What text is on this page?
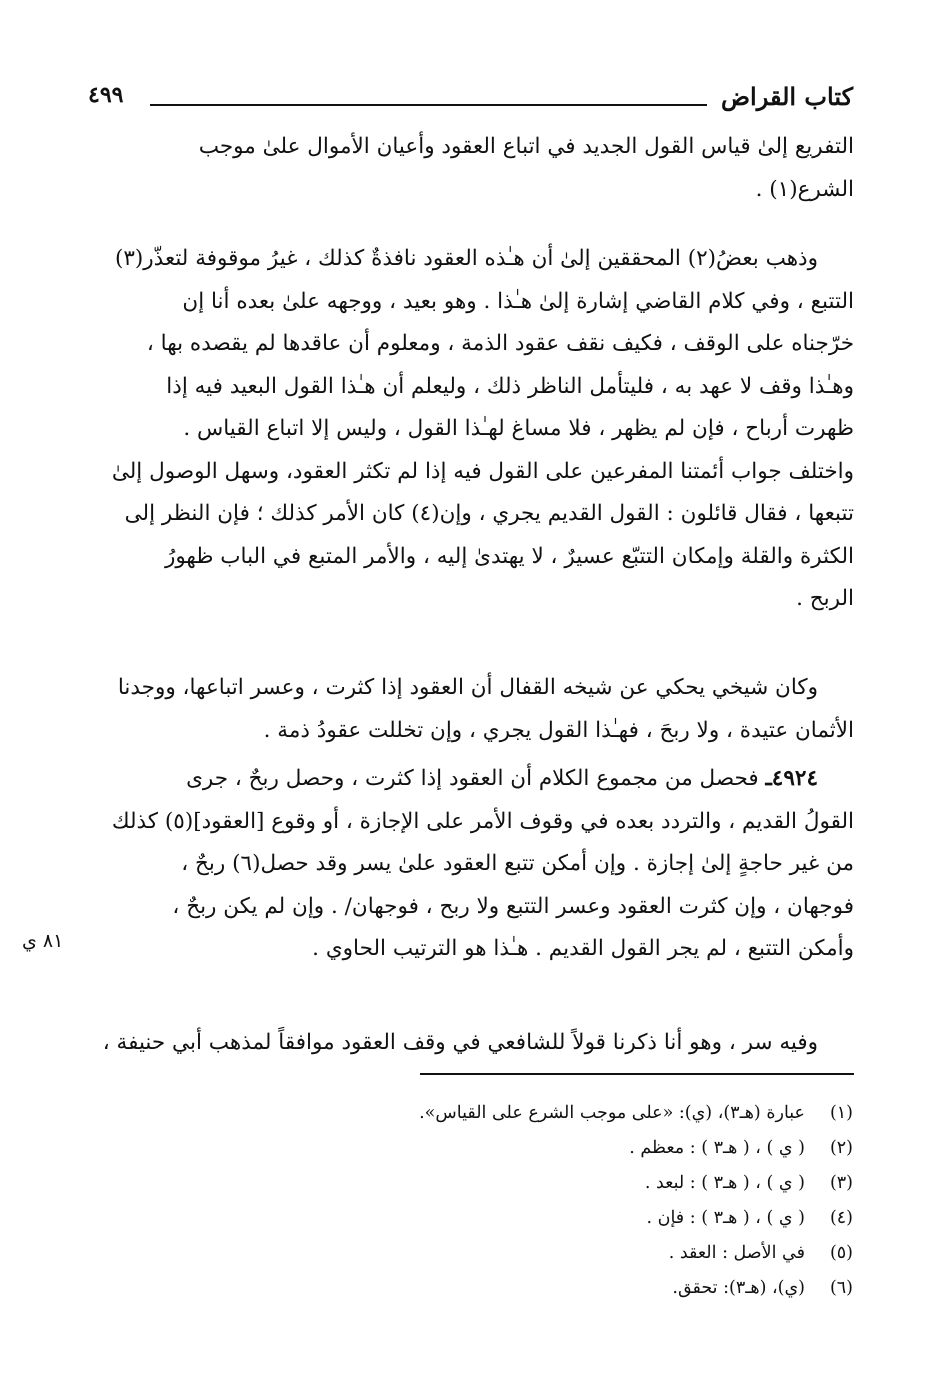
كتاب القراض
٤٩٩
التفريع إلىٰ قياس القول الجديد في اتباع العقود وأعيان الأموال علىٰ موجب
الشرع(١) .
وذهب بعضُ(٢) المحققين إلىٰ أن هـٰذه العقود نافذةٌ كذلك ، غيرُ موقوفة لتعذّر(٣)
التتبع ، وفي كلام القاضي إشارة إلىٰ هـٰذا . وهو بعيد ، ووجهه علىٰ بعده أنا إن
خرّجناه على الوقف ، فكيف نقف عقود الذمة ، ومعلوم أن عاقدها لم يقصده بها ،
وهـٰذا وقف لا عهد به ، فليتأمل الناظر ذلك ، وليعلم أن هـٰذا القول البعيد فيه إذا
ظهرت أرباح ، فإن لم يظهر ، فلا مساغ لهـٰذا القول ، وليس إلا اتباع القياس .
واختلف جواب أئمتنا المفرعين على القول فيه إذا لم تكثر العقود، وسهل الوصول إلىٰ
تتبعها ، فقال قائلون : القول القديم يجري ، وإن(٤) كان الأمر كذلك ؛ فإن النظر إلى
الكثرة والقلة وإمكان التتبّع عسيرٌ ، لا يهتدىٰ إليه ، والأمر المتبع في الباب ظهورُ
الربح .
وكان شيخي يحكي عن شيخه القفال أن العقود إذا كثرت ، وعسر اتباعها، ووجدنا
الأثمان عتيدة ، ولا ربحَ ، فهـٰذا القول يجري ، وإن تخللت عقودُ ذمة .
٤٩٢٤ـ فحصل من مجموع الكلام أن العقود إذا كثرت ، وحصل ربحٌ ، جرى
القولُ القديم ، والتردد بعده في وقوف الأمر على الإجازة ، أو وقوع [العقود](٥) كذلك
من غير حاجةٍ إلىٰ إجازة . وإن أمكن تتبع العقود علىٰ يسر وقد حصل(٦) ربحٌ ،
فوجهان ، وإن كثرت العقود وعسر التتبع ولا ربح ، فوجهان/ . وإن لم يكن ربحٌ ،
وأمكن التتبع ، لم يجر القول القديم . هـٰذا هو الترتيب الحاوي .
٨١ ي
وفيه سر ، وهو أنا ذكرنا قولاً للشافعي في وقف العقود موافقاً لمذهب أبي حنيفة ،
(١)عبارة (هـ٣)، (ي): «على موجب الشرع على القياس».
(٢)( ي ) ، ( هـ٣ ) : معظم .
(٣)( ي ) ، ( هـ٣ ) : لبعد .
(٤)( ي ) ، ( هـ٣ ) : فإن .
(٥)في الأصل : العقد .
(٦)(ي)، (هـ٣): تحقق.
